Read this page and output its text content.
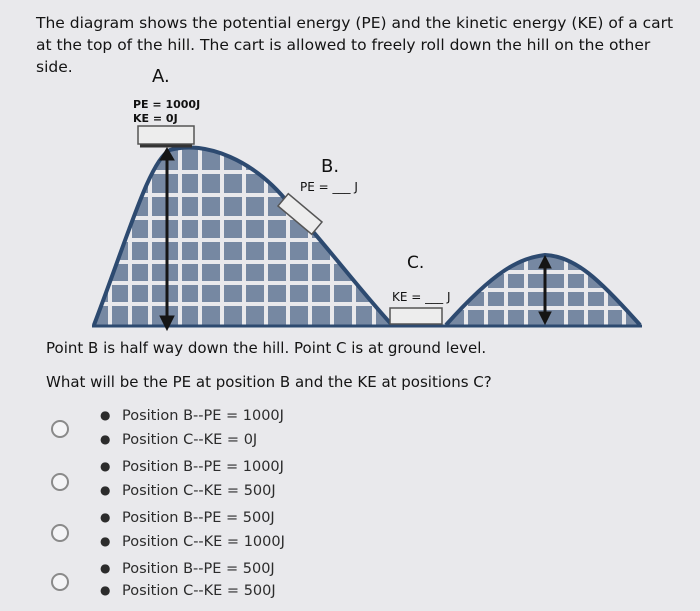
The diagram shows the potential energy (PE) and the kinetic energy (KE) of a cart at the top of the hill. The cart is allowed to freely roll down the hill on the other side.	A.
PE = 1000J
KE = 0J
B.
PE = ___ J
C.
KE = ___ J

Point B is half way down the hill. Point C is at ground level.

What will be the PE at position B and the KE at positions C?

● Position B--PE = 1000J
● Position C--KE = 0J
● Position B--PE = 1000J
● Position C--KE = 500J
● Position B--PE = 500J
● Position C--KE = 1000J
● Position B--PE = 500J
● Position C--KE = 500J
